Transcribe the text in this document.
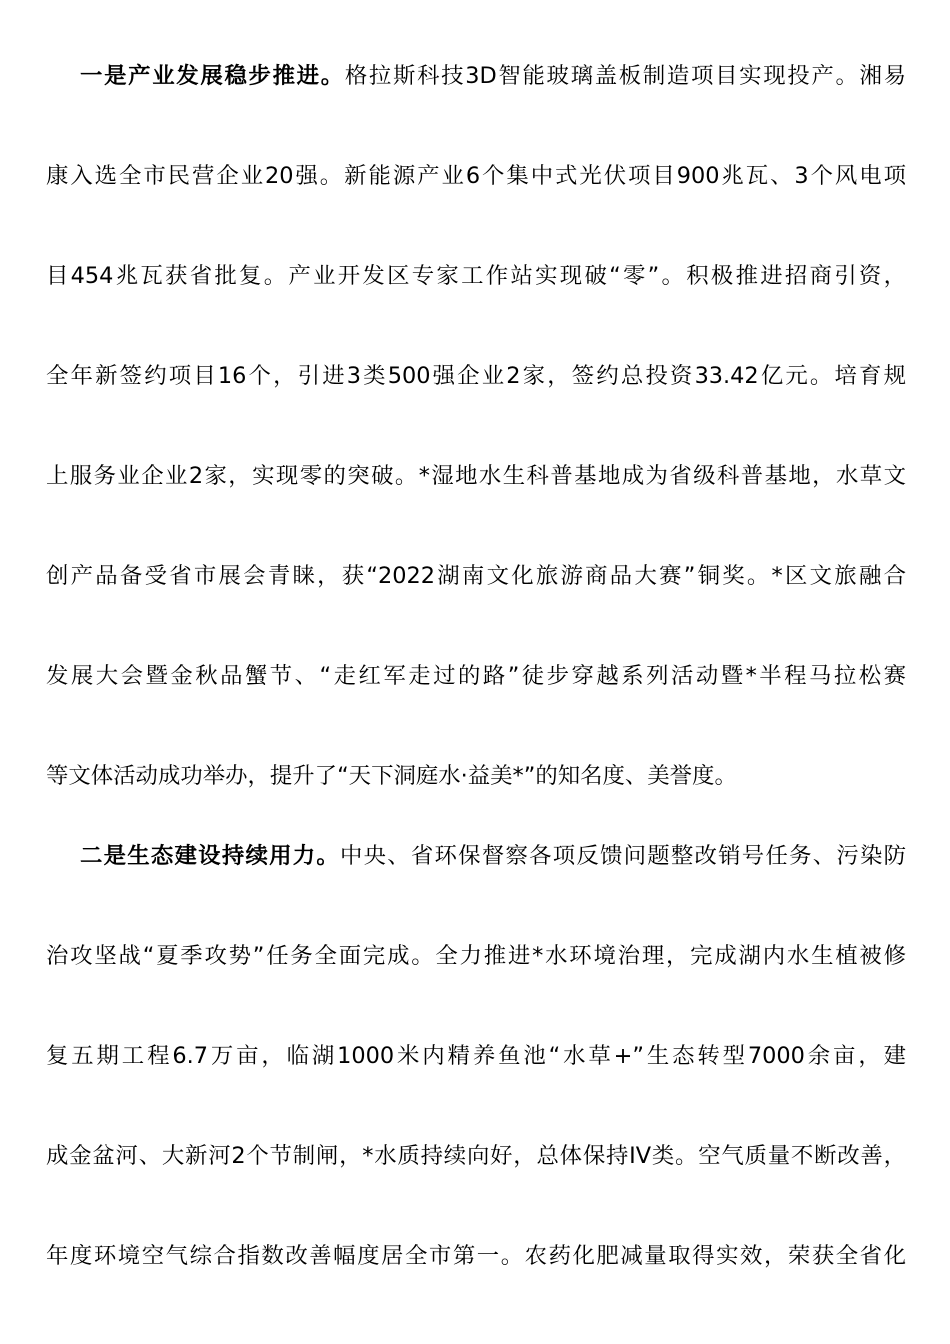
一是产业发展稳步推进。格拉斯科技3D智能玻璃盖板制造项目实现投产。湘易
康入选全市民营企业20强。新能源产业6个集中式光伏项目900兆瓦、3个风电项
目454兆瓦获省批复。产业开发区专家工作站实现破“零”。积极推进招商引资，
全年新签约项目16个，引进3类500强企业2家，签约总投资33.42亿元。培育规
上服务业企业2家，实现零的突破。*湿地水生科普基地成为省级科普基地，水草文
创产品备受省市展会青睐，获“2022湖南文化旅游商品大赛”铜奖。*区文旅融合
发展大会暨金秋品蟹节、“走红军走过的路”徒步穿越系列活动暨*半程马拉松赛
等文体活动成功举办，提升了“天下洞庭水·益美*”的知名度、美誉度。
二是生态建设持续用力。中央、省环保督察各项反馈问题整改销号任务、污染防
治攻坚战“夏季攻势”任务全面完成。全力推进*水环境治理，完成湖内水生植被修
复五期工程6.7万亩，临湖1000米内精养鱼池“水草+”生态转型7000余亩，建
成金盆河、大新河2个节制闸，*水质持续向好，总体保持IV类。空气质量不断改善，
年度环境空气综合指数改善幅度居全市第一。农药化肥减量取得实效，荣获全省化
